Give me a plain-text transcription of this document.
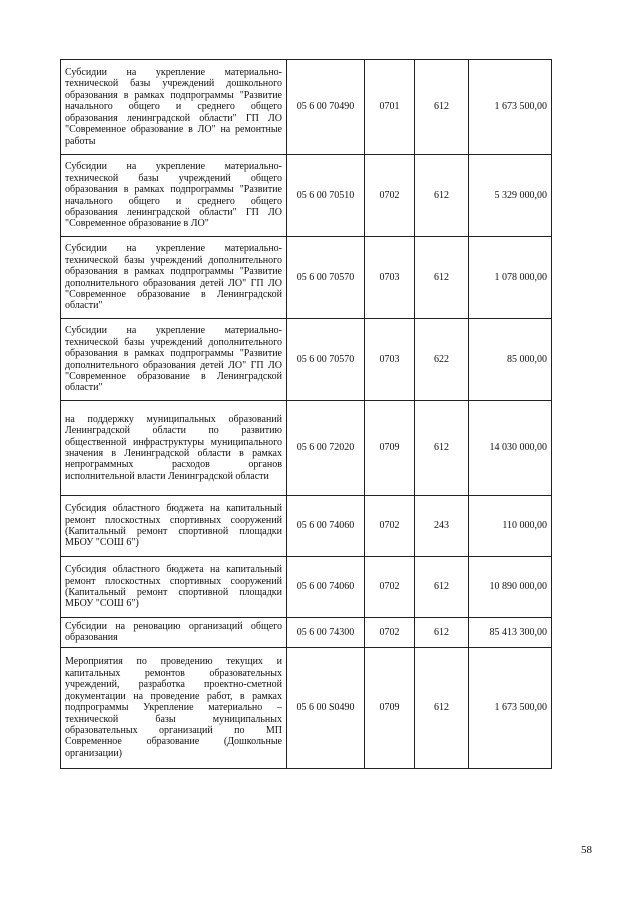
Субсидии на укрепление материально-технической базы учреждений дошкольного образования в рамках подпрограммы "Развитие начального общего и среднего общего образования ленинградской области" ГП ЛО "Современное образование в ЛО" на ремонтные работы	05 6 00 70490	0701	612	1 673 500,00
Субсидии на укрепление материально-технической базы учреждений общего образования в рамках подпрограммы "Развитие начального общего и среднего общего образования ленинградской области" ГП ЛО "Современное образование в ЛО"	05 6 00 70510	0702	612	5 329 000,00
Субсидии на укрепление материально-технической базы учреждений дополнительного образования в рамках подпрограммы "Развитие дополнительного образования детей ЛО" ГП ЛО "Современное образование в Ленинградской области"	05 6 00 70570	0703	612	1 078 000,00
Субсидии на укрепление материально-технической базы учреждений дополнительного образования в рамках подпрограммы "Развитие дополнительного образования детей ЛО" ГП ЛО "Современное образование в Ленинградской области"	05 6 00 70570	0703	622	85 000,00
на поддержку муниципальных образований Ленинградской области по развитию общественной инфраструктуры муниципального значения в Ленинградской области в рамках непрограммных расходов органов исполнительной власти Ленинградской области	05 6 00 72020	0709	612	14 030 000,00
Субсидия областного бюджета на капитальный ремонт плоскостных спортивных сооружений (Капитальный ремонт спортивной площадки МБОУ "СОШ 6")	05 6 00 74060	0702	243	110 000,00
Субсидия областного бюджета на капитальный ремонт плоскостных спортивных сооружений (Капитальный ремонт спортивной площадки МБОУ "СОШ 6")	05 6 00 74060	0702	612	10 890 000,00
Субсидии на реновацию организаций общего образования	05 6 00 74300	0702	612	85 413 300,00
Мероприятия по проведению текущих и капитальных ремонтов образовательных учреждений, разработка проектно-сметной документации на проведение работ, в рамках подпрограммы Укрепление материально – технической базы муниципальных образовательных организаций по МП Современное образование (Дошкольные организации)	05 6 00 S0490	0709	612	1 673 500,00
58
